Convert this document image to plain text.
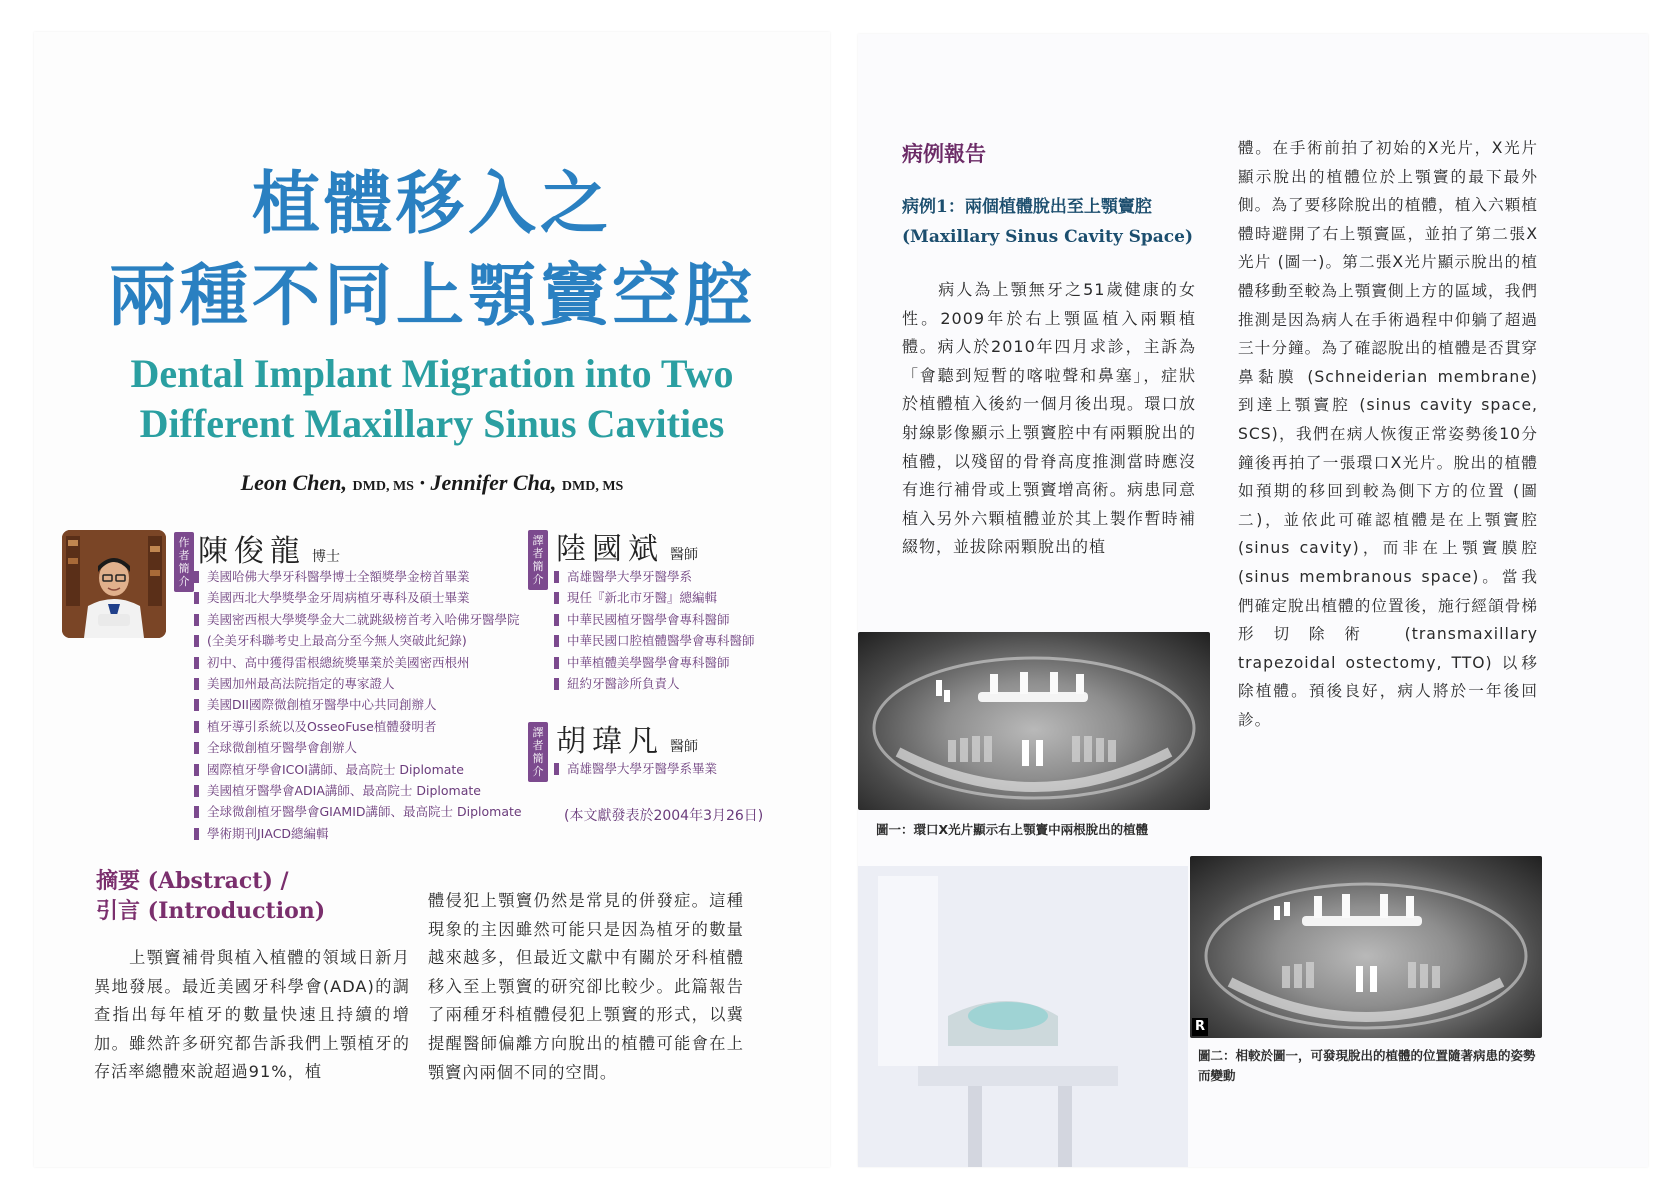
植體移入之
兩種不同上顎竇空腔
Dental Implant Migration into Two
Different Maxillary Sinus Cavities
Leon Chen, DMD, MS · Jennifer Cha, DMD, MS
作者簡介
陳俊龍 博士
美國哈佛大學牙科醫學博士全額獎學金榜首畢業
美國西北大學獎學金牙周病植牙專科及碩士畢業
美國密西根大學獎學金大二就跳級榜首考入哈佛牙醫學院
(全美牙科聯考史上最高分至今無人突破此紀錄)
初中、高中獲得雷根總統獎畢業於美國密西根州
美國加州最高法院指定的專家證人
美國DII國際微創植牙醫學中心共同創辦人
植牙導引系統以及OsseoFuse植體發明者
全球微創植牙醫學會創辦人
國際植牙學會ICOI講師、最高院士 Diplomate
美國植牙醫學會ADIA講師、最高院士 Diplomate
全球微創植牙醫學會GIAMID講師、最高院士 Diplomate
學術期刊JIACD總編輯
譯者簡介
陸國斌 醫師
高雄醫學大學牙醫學系
現任『新北市牙醫』總編輯
中華民國植牙醫學會專科醫師
中華民國口腔植體醫學會專科醫師
中華植體美學醫學會專科醫師
紐約牙醫診所負責人
譯者簡介
胡瑋凡 醫師
高雄醫學大學牙醫學系畢業
(本文獻發表於2004年3月26日)
摘要 (Abstract) /
引言 (Introduction)
　　上顎竇補骨與植入植體的領域日新月異地發展。最近美國牙科學會(ADA)的調查指出每年植牙的數量快速且持續的增加。雖然許多研究都告訴我們上顎植牙的存活率總體來說超過91%，植
體侵犯上顎竇仍然是常見的併發症。這種現象的主因雖然可能只是因為植牙的數量越來越多，但最近文獻中有關於牙科植體移入至上顎竇的研究卻比較少。此篇報告了兩種牙科植體侵犯上顎竇的形式，以冀提醒醫師偏離方向脫出的植體可能會在上顎竇內兩個不同的空間。
病例報告
病例1：兩個植體脫出至上顎竇腔
(Maxillary Sinus Cavity Space)
　　病人為上顎無牙之51歲健康的女性。2009年於右上顎區植入兩顆植體。病人於2010年四月求診，主訴為「會聽到短暫的喀啦聲和鼻塞」，症狀於植體植入後約一個月後出現。環口放射線影像顯示上顎竇腔中有兩顆脫出的植體，以殘留的骨脊高度推測當時應沒有進行補骨或上顎竇增高術。病患同意植入另外六顆植體並於其上製作暫時補綴物，並拔除兩顆脫出的植
體。在手術前拍了初始的X光片，X光片顯示脫出的植體位於上顎竇的最下最外側。為了要移除脫出的植體，植入六顆植體時避開了右上顎竇區，並拍了第二張X光片 (圖一)。第二張X光片顯示脫出的植體移動至較為上顎竇側上方的區域，我們推測是因為病人在手術過程中仰躺了超過三十分鐘。為了確認脫出的植體是否貫穿鼻黏膜 (Schneiderian membrane) 到達上顎竇腔 (sinus cavity space, SCS)，我們在病人恢復正常姿勢後10分鐘後再拍了一張環口X光片。脫出的植體如預期的移回到較為側下方的位置 (圖二)，並依此可確認植體是在上顎竇腔 (sinus cavity)，而非在上顎竇膜腔 (sinus membranous space)。當我們確定脫出植體的位置後，施行經頜骨梯形切除術 (transmaxillary trapezoidal ostectomy, TTO) 以移除植體。預後良好，病人將於一年後回診。
圖一：環口X光片顯示右上顎竇中兩根脫出的植體
R
圖二：相較於圖一，可發現脫出的植體的位置隨著病患的姿勢而變動
